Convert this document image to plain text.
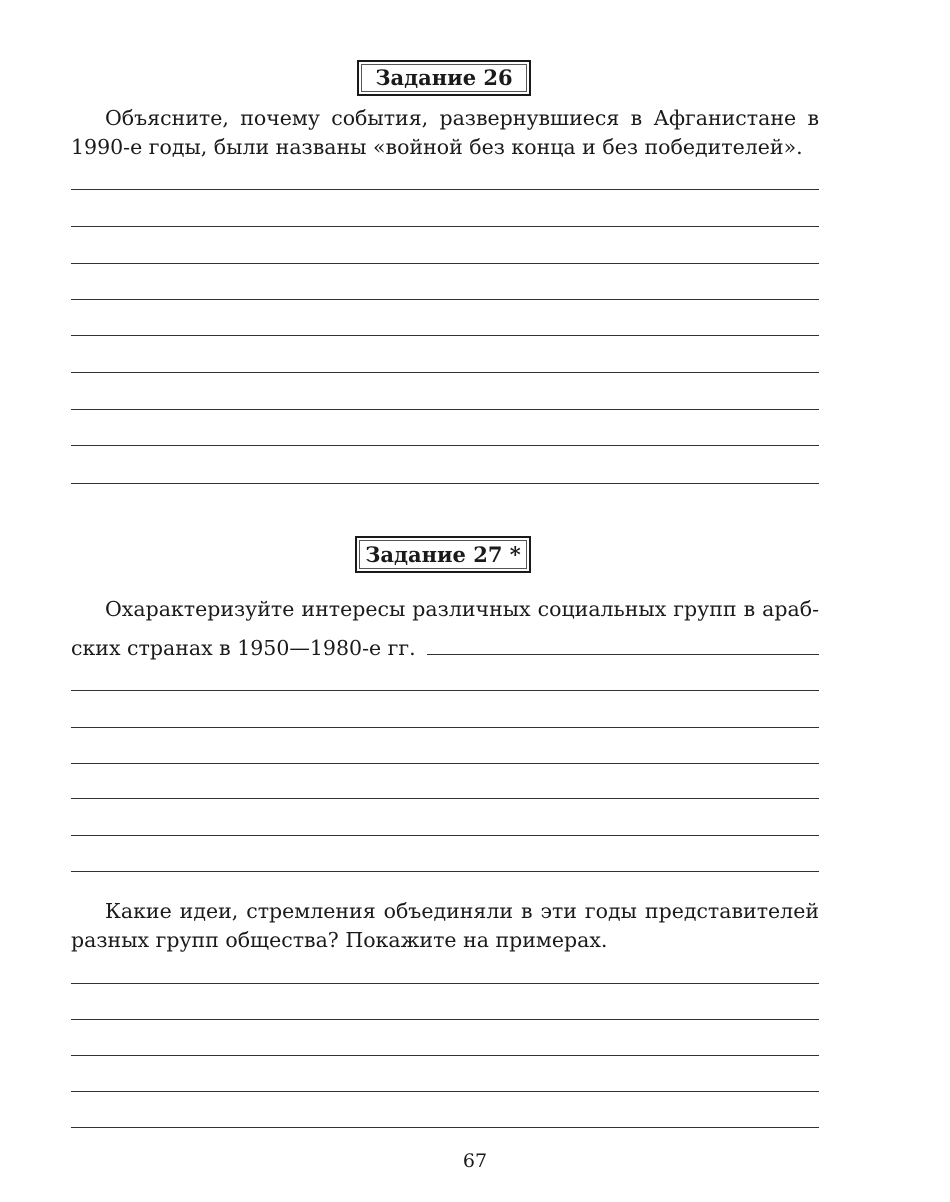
Задание 26
Объясните, почему события, развернувшиеся в Афганистане в
1990-е годы, были названы «войной без конца и без победителей».
Задание 27 *
Охарактеризуйте интересы различных социальных групп в араб-
ских странах в 1950—1980-е гг.
Какие идеи, стремления объединяли в эти годы представителей
разных групп общества? Покажите на примерах.
67
